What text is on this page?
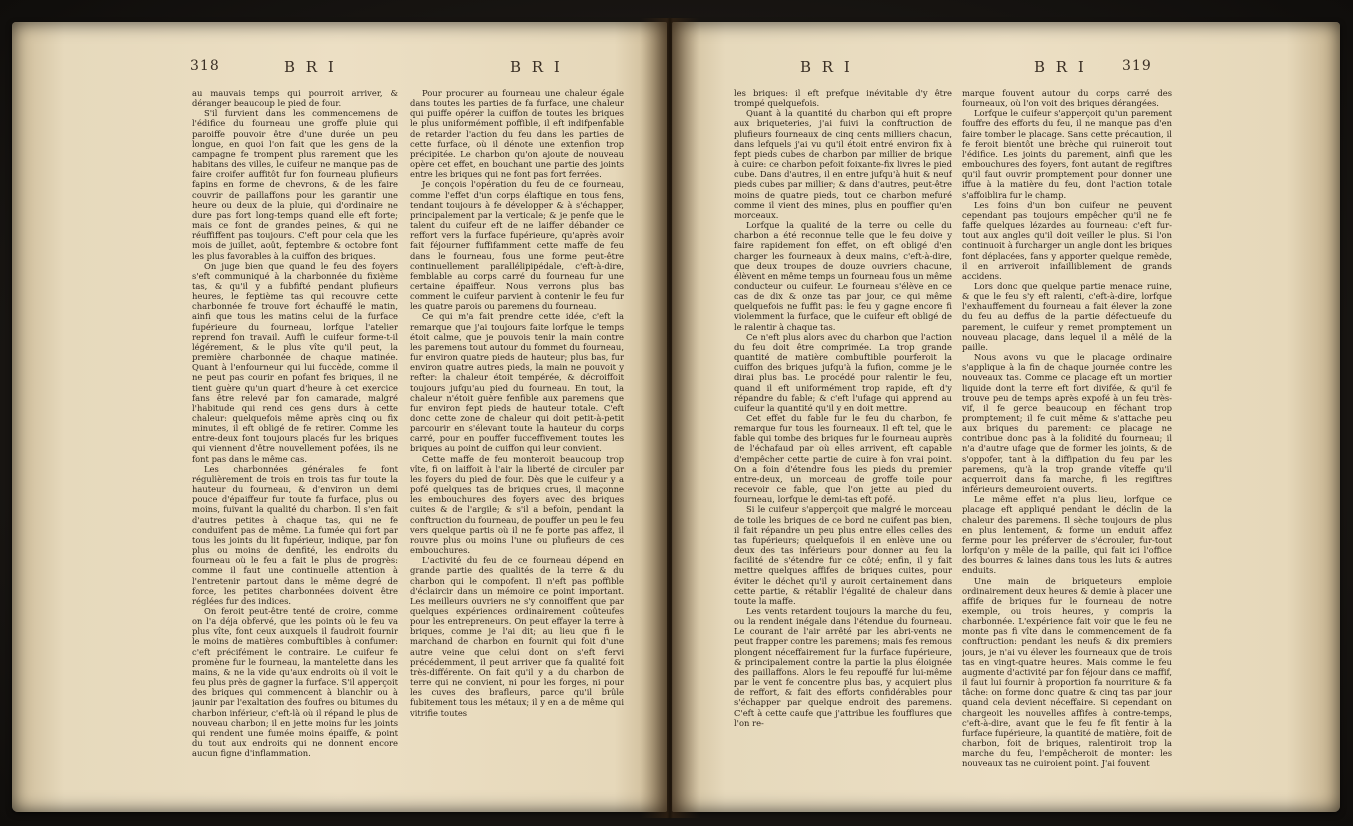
318	B R I	B R I

au mauvais temps qui pourroit arriver, & déranger beaucoup le pied de four.

S'il furvient dans les commencemens de l'édifice du fourneau une groffe pluie qui paroiffe pouvoir être d'une durée un peu longue, en quoi l'on fait que les gens de la campagne fe trompent plus rarement que les habitans des villes, le cuifeur ne manque pas de faire croifer auffitôt fur fon fourneau plufieurs fapins en forme de chevrons, & de les faire couvrir de paillaffons pour les garantir une heure ou deux de la pluie, qui d'ordinaire ne dure pas fort long-temps quand elle eft forte; mais ce font de grandes peines, & qui ne réuffiffent pas toujours. C'eft pour cela que les mois de juillet, août, feptembre & octobre font les plus favorables à la cuiffon des briques.

On juge bien que quand le feu des foyers s'eft communiqué à la charbonnée du fixième tas, & qu'il y a fubfifté pendant plufieurs heures, le feptième tas qui recouvre cette charbonnée fe trouve fort échauffé le matin, ainfi que tous les matins celui de la furface fupérieure du fourneau, lorfque l'atelier reprend fon travail. Auffi le cuifeur forme-t-il légérement, & le plus vîte qu'il peut, la première charbonnée de chaque matinée. Quant à l'enfourneur qui lui fuccède, comme il ne peut pas courir en pofant fes briques, il ne tient guère qu'un quart d'heure à cet exercice fans être relevé par fon camarade, malgré l'habitude qui rend ces gens durs à cette chaleur: quelquefois même après cinq ou fix minutes, il eft obligé de fe retirer. Comme les entre-deux font toujours placés fur les briques qui viennent d'être nouvellement pofées, ils ne font pas dans le même cas.

Les charbonnées générales fe font régulièrement de trois en trois tas fur toute la hauteur du fourneau, & d'environ un demi pouce d'épaiffeur fur toute fa furface, plus ou moins, fuivant la qualité du charbon. Il s'en fait d'autres petites à chaque tas, qui ne fe conduifent pas de même. La fumée qui fort par tous les joints du lit fupérieur, indique, par fon plus ou moins de denfité, les endroits du fourneau où le feu a fait le plus de progrès: comme il faut une continuelle attention à l'entretenir partout dans le même degré de force, les petites charbonnées doivent être réglées fur des indices.

On feroit peut-être tenté de croire, comme on l'a déja obfervé, que les points où le feu va plus vîte, font ceux auxquels il faudroit fournir le moins de matières combuftibles à confumer: c'eft précifément le contraire. Le cuifeur fe promène fur le fourneau, la mantelette dans les mains, & ne la vide qu'aux endroits où il voit le feu plus près de gagner la furface. S'il apperçoit des briques qui commencent à blanchir ou à jaunir par l'exaltation des foufres ou bitumes du charbon inférieur, c'eft-là où il répand le plus de nouveau charbon; il en jette moins fur les joints qui rendent une fumée moins épaiffe, & point du tout aux endroits qui ne donnent encore aucun figne d'inflammation.

Pour procurer au fourneau une chaleur égale dans toutes les parties de fa furface, une chaleur qui puiffe opérer la cuiffon de toutes les briques le plus uniformément poffible, il eft indifpenfable de retarder l'action du feu dans les parties de cette furface, où il dénote une extenfion trop précipitée. Le charbon qu'on ajoute de nouveau opère cet effet, en bouchant une partie des joints entre les briques qui ne font pas fort ferrées.

Je conçois l'opération du feu de ce fourneau, comme l'effet d'un corps élaftique en tous fens, tendant toujours à fe développer & à s'échapper, principalement par la verticale; & je penfe que le talent du cuifeur eft de ne laiffer débander ce reffort vers la furface fupérieure, qu'après avoir fait féjourner fuffifamment cette maffe de feu dans le fourneau, fous une forme peut-être continuellement parallélipipédale, c'eft-à-dire, femblable au corps carré du fourneau fur une certaine épaiffeur. Nous verrons plus bas comment le cuifeur parvient à contenir le feu fur les quatre parois ou paremens du fourneau.

Ce qui m'a fait prendre cette idée, c'eft la remarque que j'ai toujours faite lorfque le temps étoit calme, que je pouvois tenir la main contre les paremens tout autour du fommet du fourneau, fur environ quatre pieds de hauteur; plus bas, fur environ quatre autres pieds, la main ne pouvoit y refter: la chaleur étoit tempérée, & décroiffoit toujours jufqu'au pied du fourneau. En tout, la chaleur n'étoit guère fenfible aux paremens que fur environ fept pieds de hauteur totale. C'eft donc cette zone de chaleur qui doit petit-à-petit parcourir en s'élevant toute la hauteur du corps carré, pour en pouffer fucceffivement toutes les briques au point de cuiffon qui leur convient.

Cette maffe de feu monteroit beaucoup trop vîte, fi on laiffoit à l'air la liberté de circuler par les foyers du pied de four. Dès que le cuifeur y a pofé quelques tas de briques crues, il maçonne les embouchures des foyers avec des briques cuites & de l'argile; & s'il a befoin, pendant la conftruction du fourneau, de pouffer un peu le feu vers quelque partis où il ne fe porte pas affez, il rouvre plus ou moins l'une ou plufieurs de ces embouchures.

L'activité du feu de ce fourneau dépend en grande partie des qualités de la terre & du charbon qui le compofent. Il n'eft pas poffible d'éclaircir dans un mémoire ce point important. Les meilleurs ouvriers ne s'y connoiffent que par quelques expériences ordinairement coûteufes pour les entrepreneurs. On peut effayer la terre à briques, comme je l'ai dit; au lieu que fi le marchand de charbon en fournit qui foit d'une autre veine que celui dont on s'eft fervi précédemment, il peut arriver que fa qualité foit très-différente. On fait qu'il y a du charbon de terre qui ne convient, ni pour les forges, ni pour les cuves des brafleurs, parce qu'il brûle fubitement tous les métaux; il y en a de même qui vitrifie toutes

B R I	B R I	319

les briques: il eft prefque inévitable d'y être trompé quelquefois.

Quant à la quantité du charbon qui eft propre aux briqueteries, j'ai fuivi la conftruction de plufieurs fourneaux de cinq cents milliers chacun, dans lefquels j'ai vu qu'il étoit entré environ fix à fept pieds cubes de charbon par millier de brique à cuire: ce charbon pefoit foixante-fix livres le pied cube. Dans d'autres, il en entre jufqu'à huit & neuf pieds cubes par millier; & dans d'autres, peut-être moins de quatre pieds, tout ce charbon mefuré comme il vient des mines, plus en pouffier qu'en morceaux.

Lorfque la qualité de la terre ou celle du charbon a été reconnue telle que le feu doive y faire rapidement fon effet, on eft obligé d'en charger les fourneaux à deux mains, c'eft-à-dire, que deux troupes de douze ouvriers chacune, élèvent en même temps un fourneau fous un même conducteur ou cuifeur. Le fourneau s'élève en ce cas de dix & onze tas par jour, ce qui même quelquefois ne fuffit pas: le feu y gagne encore fi violemment la furface, que le cuifeur eft obligé de le ralentir à chaque tas.

Ce n'eft plus alors avec du charbon que l'action du feu doit être comprimée. La trop grande quantité de matière combuftible pourferoit la cuiffon des briques jufqu'à la fufion, comme je le dirai plus bas. Le procédé pour ralentir le feu, quand il eft uniformément trop rapide, eft d'y répandre du fable; & c'eft l'ufage qui apprend au cuifeur la quantité qu'il y en doit mettre.

Cet effet du fable fur le feu du charbon, fe remarque fur tous les fourneaux. Il eft tel, que le fable qui tombe des briques fur le fourneau auprès de l'échafaud par où elles arrivent, eft capable d'empêcher cette partie de cuire à fon vrai point. On a foin d'étendre fous les pieds du premier entre-deux, un morceau de groffe toile pour recevoir ce fable, que l'on jette au pied du fourneau, lorfque le demi-tas eft pofé.

Si le cuifeur s'apperçoit que malgré le morceau de toile les briques de ce bord ne cuifent pas bien, il fait répandre un peu plus entre elles celles des tas fupérieurs; quelquefois il en enlève une ou deux des tas inférieurs pour donner au feu la facilité de s'étendre fur ce côté; enfin, il y fait mettre quelques affifes de briques cuites, pour éviter le déchet qu'il y auroit certainement dans cette partie, & rétablir l'égalité de chaleur dans toute la maffe.

Les vents retardent toujours la marche du feu, ou la rendent inégale dans l'étendue du fourneau. Le courant de l'air arrêté par les abri-vents ne peut frapper contre les paremens; mais fes remous plongent néceffairement fur la furface fupérieure, & principalement contre la partie la plus éloignée des paillaffons. Alors le feu repouffé fur lui-même par le vent fe concentre plus bas, y acquiert plus de reffort, & fait des efforts confidérables pour s'échapper par quelque endroit des paremens. C'eft à cette caufe que j'attribue les foufflures que l'on re-

marque fouvent autour du corps carré des fourneaux, où l'on voit des briques dérangées.

Lorfque le cuifeur s'apperçoit qu'un parement fouffre des efforts du feu, il ne manque pas d'en faire tomber le placage. Sans cette précaution, il fe feroit bientôt une brèche qui ruineroit tout l'édifice. Les joints du parement, ainfi que les embouchures des foyers, font autant de regiftres qu'il faut ouvrir promptement pour donner une iffue à la matière du feu, dont l'action totale s'affoiblira fur le champ.

Les foins d'un bon cuifeur ne peuvent cependant pas toujours empêcher qu'il ne fe faffe quelques lézardes au fourneau: c'eft fur-tout aux angles qu'il doit veiller le plus. Si l'on continuoit à furcharger un angle dont les briques font déplacées, fans y apporter quelque remède, il en arriveroit infailliblement de grands accidens.

Lors donc que quelque partie menace ruine, & que le feu s'y eft ralenti, c'eft-à-dire, lorfque l'exhauffement du fourneau a fait élever la zone du feu au deffus de la partie défectueufe du parement, le cuifeur y remet promptement un nouveau placage, dans lequel il a mêlé de la paille.

Nous avons vu que le placage ordinaire s'applique à la fin de chaque journée contre les nouveaux tas. Comme ce placage eft un mortier liquide dont la terre eft fort divifée, & qu'il fe trouve peu de temps après expofé à un feu très-vif, il fe gerce beaucoup en féchant trop promptement; il fe cuit même & s'attache peu aux briques du parement: ce placage ne contribue donc pas à la folidité du fourneau; il n'a d'autre ufage que de former les joints, & de s'oppofer, tant à la diffipation du feu par les paremens, qu'à la trop grande vîteffe qu'il acquerroit dans fa marche, fi les regiftres inférieurs demeuroient ouverts.

Le même effet n'a plus lieu, lorfque ce placage eft appliqué pendant le déclin de la chaleur des paremens. Il sèche toujours de plus en plus lentement, & forme un enduit affez ferme pour les préferver de s'écrouler, fur-tout lorfqu'on y mêle de la paille, qui fait ici l'office des bourres & laines dans tous les luts & autres enduits.

Une main de briqueteurs emploie ordinairement deux heures & demie à placer une affife de briques fur le fourneau de notre exemple, ou trois heures, y compris la charbonnée. L'expérience fait voir que le feu ne monte pas fi vîte dans le commencement de fa conftruction: pendant les neufs & dix premiers jours, je n'ai vu élever les fourneaux que de trois tas en vingt-quatre heures. Mais comme le feu augmente d'activité par fon féjour dans ce maffif, il faut lui fournir à proportion fa nourriture & fa tâche: on forme donc quatre & cinq tas par jour quand cela devient néceffaire. Si cependant on chargeoit les nouvelles affifes à contre-temps, c'eft-à-dire, avant que le feu fe fît fentir à la furface fupérieure, la quantité de matière, foit de charbon, foit de briques, ralentiroit trop la marche du feu, l'empêcheroit de monter: les nouveaux tas ne cuiroient point. J'ai fouvent
